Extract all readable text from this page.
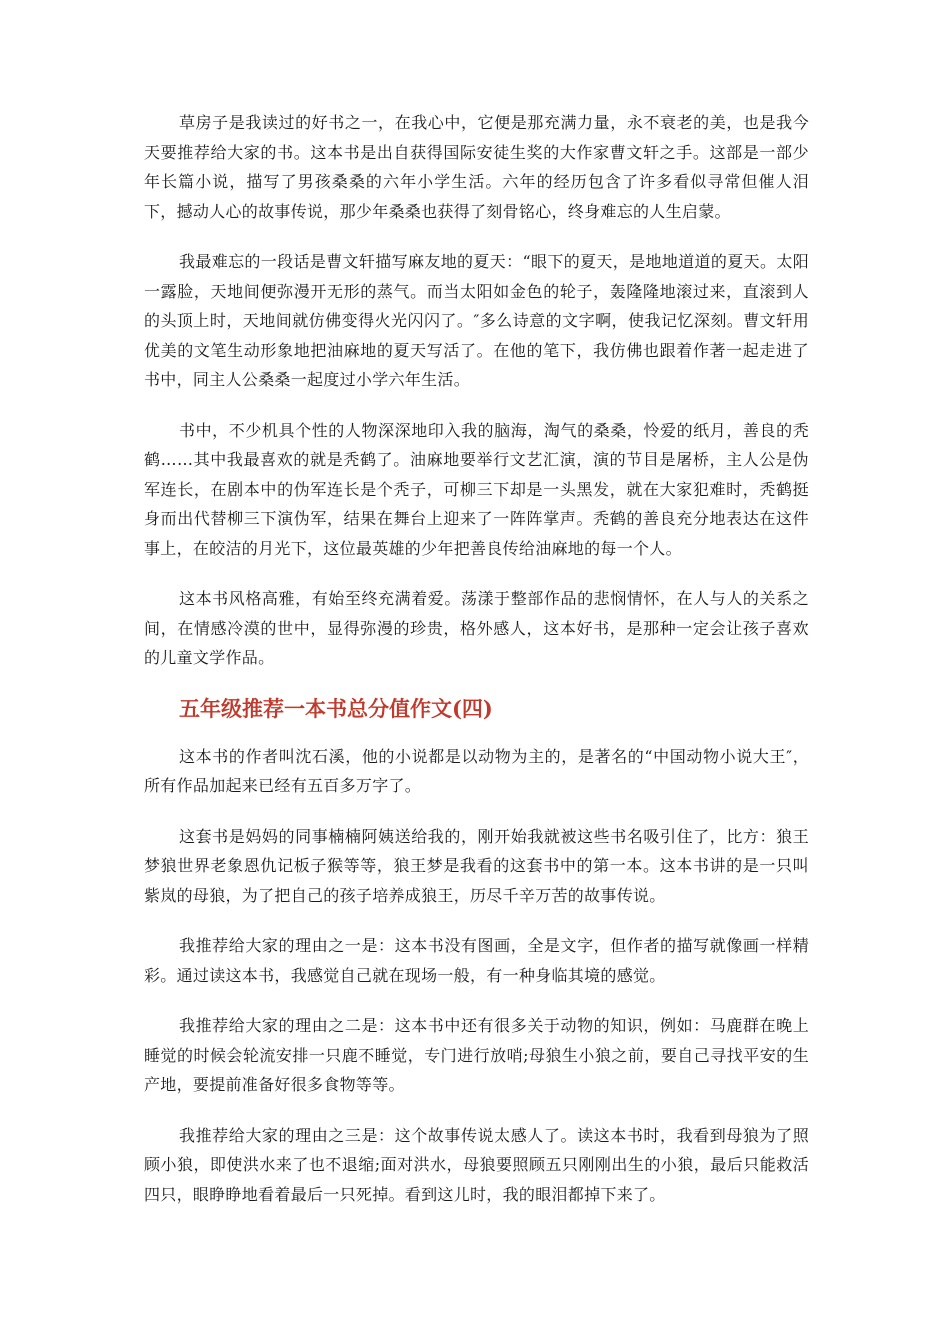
草房子是我读过的好书之一，在我心中，它便是那充满力量，永不衰老的美，也是我今天要推荐给大家的书。这本书是出自获得国际安徒生奖的大作家曹文轩之手。这部是一部少年长篇小说，描写了男孩桑桑的六年小学生活。六年的经历包含了许多看似寻常但催人泪下，撼动人心的故事传说，那少年桑桑也获得了刻骨铭心，终身难忘的人生启蒙。

我最难忘的一段话是曹文轩描写麻友地的夏天：“眼下的夏天，是地地道道的夏天。太阳一露脸，天地间便弥漫开无形的蒸气。而当太阳如金色的轮子，轰隆隆地滚过来，直滚到人的头顶上时，天地间就仿佛变得火光闪闪了。″多么诗意的文字啊，使我记忆深刻。曹文轩用优美的文笔生动形象地把油麻地的夏天写活了。在他的笔下，我仿佛也跟着作著一起走进了书中，同主人公桑桑一起度过小学六年生活。

书中，不少机具个性的人物深深地印入我的脑海，淘气的桑桑，怜爱的纸月，善良的秃鹤……其中我最喜欢的就是秃鹤了。油麻地要举行文艺汇演，演的节目是屠桥，主人公是伪军连长，在剧本中的伪军连长是个秃子，可柳三下却是一头黑发，就在大家犯难时，秃鹤挺身而出代替柳三下演伪军，结果在舞台上迎来了一阵阵掌声。秃鹤的善良充分地表达在这件事上，在皎洁的月光下，这位最英雄的少年把善良传给油麻地的每一个人。

这本书风格高雅，有始至终充满着爱。荡漾于整部作品的悲悯情怀，在人与人的关系之间，在情感冷漠的世中，显得弥漫的珍贵，格外感人，这本好书，是那种一定会让孩子喜欢的儿童文学作品。

五年级推荐一本书总分值作文(四)

这本书的作者叫沈石溪，他的小说都是以动物为主的，是著名的“中国动物小说大王″，所有作品加起来已经有五百多万字了。

这套书是妈妈的同事楠楠阿姨送给我的，刚开始我就被这些书名吸引住了，比方：狼王梦狼世界老象恩仇记板子猴等等，狼王梦是我看的这套书中的第一本。这本书讲的是一只叫紫岚的母狼，为了把自己的孩子培养成狼王，历尽千辛万苦的故事传说。

我推荐给大家的理由之一是：这本书没有图画，全是文字，但作者的描写就像画一样精彩。通过读这本书，我感觉自己就在现场一般，有一种身临其境的感觉。

我推荐给大家的理由之二是：这本书中还有很多关于动物的知识，例如：马鹿群在晚上睡觉的时候会轮流安排一只鹿不睡觉，专门进行放哨;母狼生小狼之前，要自己寻找平安的生产地，要提前准备好很多食物等等。

我推荐给大家的理由之三是：这个故事传说太感人了。读这本书时，我看到母狼为了照顾小狼，即使洪水来了也不退缩;面对洪水，母狼要照顾五只刚刚出生的小狼，最后只能救活四只，眼睁睁地看着最后一只死掉。看到这儿时，我的眼泪都掉下来了。
